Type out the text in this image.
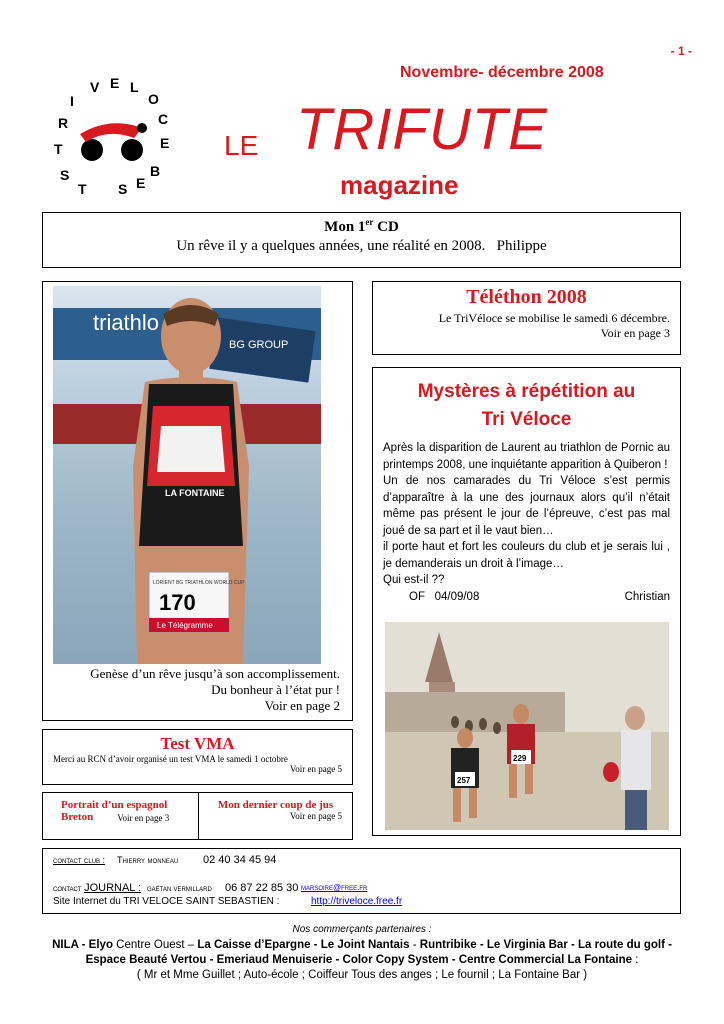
- 1 -
T
R
I
V E L
O
C
E
S
T S E
B
Novembre- décembre 2008
LE TRIFUTE
magazine
Mon 1er CD
Un rêve il y a quelques années, une réalité en 2008. Philippe
triathlo
BG GROUP
LA FONTAINE
LORIENT BG TRIATHLON WORLD CUP
170
Le Télégramme
Genèse d’un rêve jusqu’à son accomplissement.
Du bonheur à l’état pur !
Voir en page 2
Téléthon 2008
Le TriVéloce se mobilise le samedi 6 décembre.
Voir en page 3
Mystères à répétition au
Tri Véloce
Après la disparition de Laurent au triathlon de Pornic au printemps 2008, une inquiétante apparition à Quiberon !
Un de nos camarades du Tri Véloce s’est permis d’apparaître à la une des journaux alors qu’il n’était même pas présent le jour de l’épreuve, c’est pas mal joué de sa part et il le vaut bien…
il porte haut et fort les couleurs du club et je serais lui , je demanderais un droit à l’image…
Qui est-il ??
OF 04/09/08	Christian
257
229
Test VMA
Merci au RCN d’avoir organisé un test VMA le samedi 1 octobre
Voir en page 5
Portrait d’un espagnol
Breton	Voir en page 3
Mon dernier coup de jus
Voir en page 5
contact club : Thierry monneau 02 40 34 45 94
contact JOURNAL : gaëtan vermillard 06 87 22 85 30 marsoire@free.fr
Site Internet du TRI VELOCE SAINT SEBASTIEN :	http://triveloce.free.fr
Nos commerçants partenaires :
NILA - Elyo Centre Ouest – La Caisse d’Epargne - Le Joint Nantais - Runtribike - Le Virginia Bar - La route du golf -
Espace Beauté Vertou - Emeriaud Menuiserie - Color Copy System - Centre Commercial La Fontaine :
( Mr et Mme Guillet ; Auto-école ; Coiffeur Tous des anges ; Le fournil ; La Fontaine Bar )
